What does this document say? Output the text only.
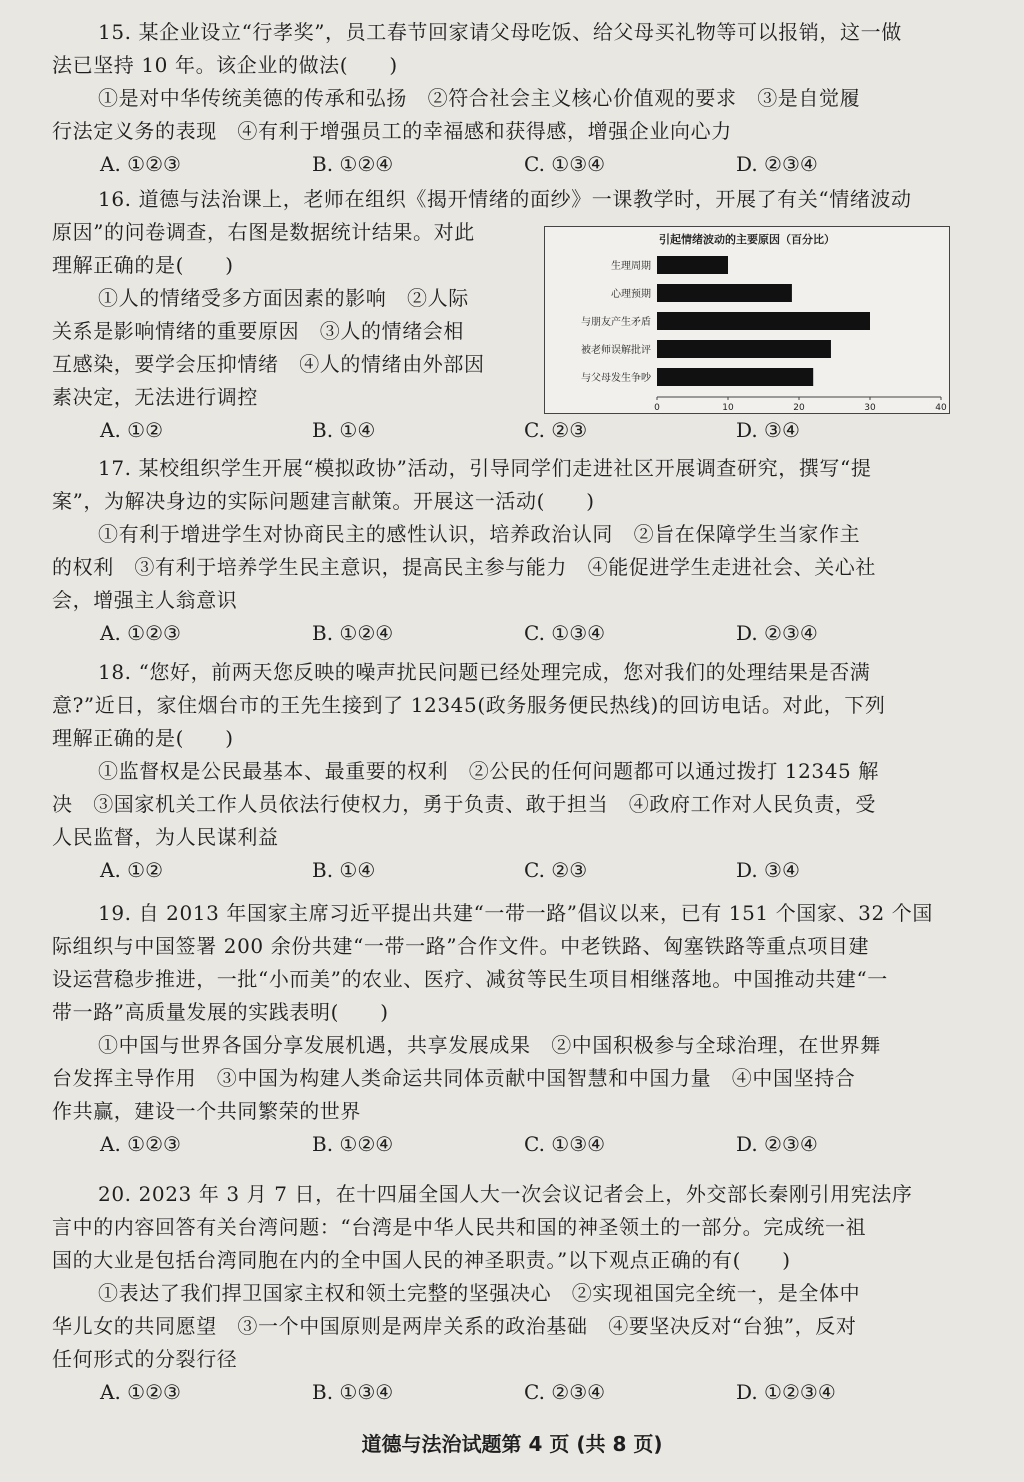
15. 某企业设立“行孝奖”，员工春节回家请父母吃饭、给父母买礼物等可以报销，这一做
法已坚持 10 年。该企业的做法(　　)
①是对中华传统美德的传承和弘扬　②符合社会主义核心价值观的要求　③是自觉履
行法定义务的表现　④有利于增强员工的幸福感和获得感，增强企业向心力
A. ①②③	B. ①②④	C. ①③④	D. ②③④
16. 道德与法治课上，老师在组织《揭开情绪的面纱》一课教学时，开展了有关“情绪波动
原因”的问卷调查，右图是数据统计结果。对此
理解正确的是(　　)
①人的情绪受多方面因素的影响　②人际
关系是影响情绪的重要原因　③人的情绪会相
互感染，要学会压抑情绪　④人的情绪由外部因
素决定，无法进行调控
A. ①②	B. ①④	C. ②③	D. ③④
引起情绪波动的主要原因（百分比）
生理周期
心理预期
与朋友产生矛盾
被老师误解批评
与父母发生争吵
0	10	20	30	40
17. 某校组织学生开展“模拟政协”活动，引导同学们走进社区开展调查研究，撰写“提
案”，为解决身边的实际问题建言献策。开展这一活动(　　)
①有利于增进学生对协商民主的感性认识，培养政治认同　②旨在保障学生当家作主
的权利　③有利于培养学生民主意识，提高民主参与能力　④能促进学生走进社会、关心社
会，增强主人翁意识
A. ①②③	B. ①②④	C. ①③④	D. ②③④
18. “您好，前两天您反映的噪声扰民问题已经处理完成，您对我们的处理结果是否满
意?”近日，家住烟台市的王先生接到了 12345(政务服务便民热线)的回访电话。对此，下列
理解正确的是(　　)
①监督权是公民最基本、最重要的权利　②公民的任何问题都可以通过拨打 12345 解
决　③国家机关工作人员依法行使权力，勇于负责、敢于担当　④政府工作对人民负责，受
人民监督，为人民谋利益
A. ①②	B. ①④	C. ②③	D. ③④
19. 自 2013 年国家主席习近平提出共建“一带一路”倡议以来，已有 151 个国家、32 个国
际组织与中国签署 200 余份共建“一带一路”合作文件。中老铁路、匈塞铁路等重点项目建
设运营稳步推进，一批“小而美”的农业、医疗、减贫等民生项目相继落地。中国推动共建“一
带一路”高质量发展的实践表明(　　)
①中国与世界各国分享发展机遇，共享发展成果　②中国积极参与全球治理，在世界舞
台发挥主导作用　③中国为构建人类命运共同体贡献中国智慧和中国力量　④中国坚持合
作共赢，建设一个共同繁荣的世界
A. ①②③	B. ①②④	C. ①③④	D. ②③④
20. 2023 年 3 月 7 日，在十四届全国人大一次会议记者会上，外交部长秦刚引用宪法序
言中的内容回答有关台湾问题：“台湾是中华人民共和国的神圣领土的一部分。完成统一祖
国的大业是包括台湾同胞在内的全中国人民的神圣职责。”以下观点正确的有(　　)
①表达了我们捍卫国家主权和领土完整的坚强决心　②实现祖国完全统一，是全体中
华儿女的共同愿望　③一个中国原则是两岸关系的政治基础　④要坚决反对“台独”，反对
任何形式的分裂行径
A. ①②③	B. ①③④	C. ②③④	D. ①②③④
道德与法治试题第 4 页 (共 8 页)
